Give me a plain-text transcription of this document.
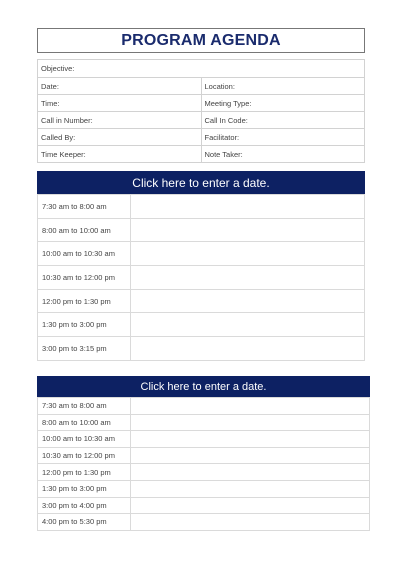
PROGRAM AGENDA
Objective:	
Date:	Location:
Time:	Meeting Type:
Call in Number:	Call In Code:
Called By:	Facilitator:
Time Keeper:	Note Taker:
Click here to enter a date.
7:30 am to 8:00 am	
8:00 am to 10:00 am	
10:00 am to 10:30 am	
10:30 am to 12:00 pm	
12:00 pm to 1:30 pm	
1:30 pm to 3:00 pm	
3:00 pm to 3:15 pm	
Click here to enter a date.
7:30 am to 8:00 am	
8:00 am to 10:00 am	
10:00 am to 10:30 am	
10:30 am to 12:00 pm	
12:00 pm to 1:30 pm	
1:30 pm to 3:00 pm	
3:00 pm to 4:00 pm	
4:00 pm to 5:30 pm	
